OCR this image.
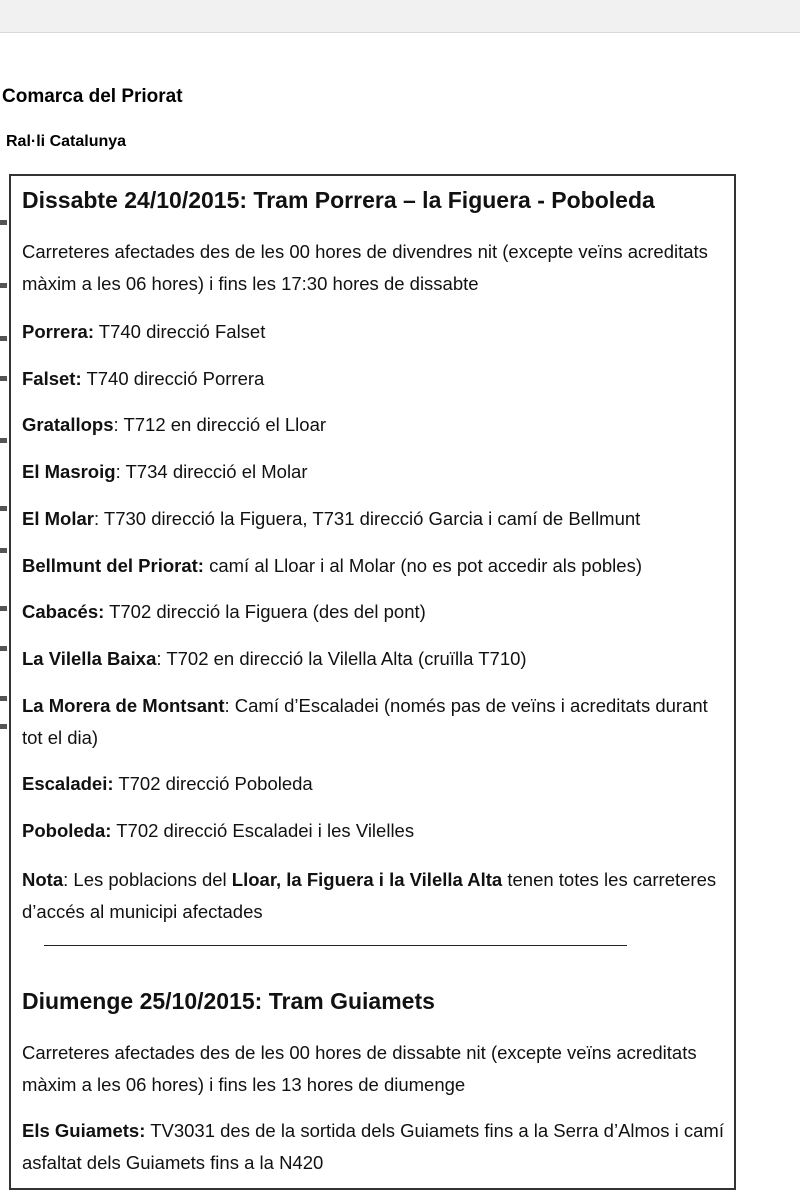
Comarca del Priorat
Ral·li Catalunya
Dissabte 24/10/2015: Tram Porrera – la Figuera - Poboleda
Carreteres afectades des de les 00 hores de divendres nit (excepte veïns acreditats màxim a les 06 hores) i fins les 17:30 hores de dissabte
Porrera: T740 direcció Falset
Falset: T740 direcció Porrera
Gratallops: T712 en direcció el Lloar
El Masroig: T734 direcció el Molar
El Molar: T730 direcció la Figuera, T731 direcció Garcia i camí de Bellmunt
Bellmunt del Priorat: camí al Lloar i al Molar (no es pot accedir als pobles)
Cabacés: T702 direcció la Figuera (des del pont)
La Vilella Baixa: T702 en direcció la Vilella Alta (cruïlla T710)
La Morera de Montsant: Camí d’Escaladei (només pas de veïns i acreditats durant tot el dia)
Escaladei: T702 direcció Poboleda
Poboleda: T702 direcció Escaladei i les Vilelles
Nota: Les poblacions del Lloar, la Figuera i la Vilella Alta tenen totes les carreteres d’accés al municipi afectades
Diumenge 25/10/2015: Tram Guiamets
Carreteres afectades des de les 00 hores de dissabte nit (excepte veïns acreditats màxim a les 06 hores) i fins les 13 hores de diumenge
Els Guiamets: TV3031 des de la sortida dels Guiamets fins a la Serra d’Almos i camí asfaltat dels Guiamets fins a la N420
